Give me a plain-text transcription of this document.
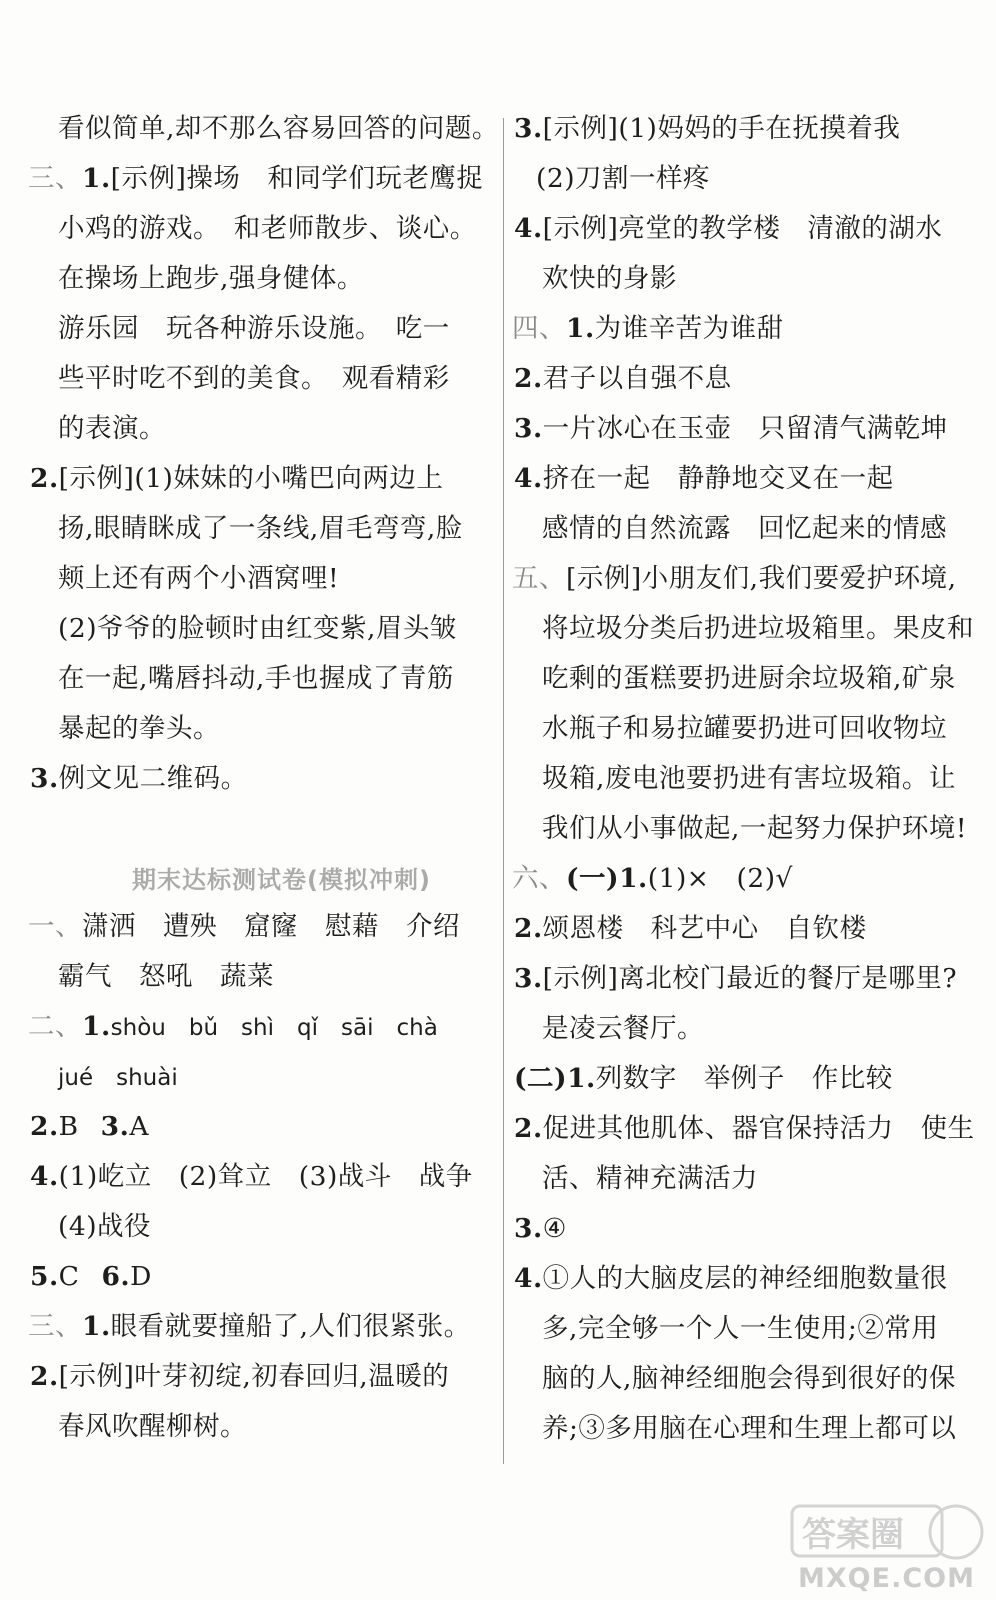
看似简单,却不那么容易回答的问题。
三、1.[示例]操场　和同学们玩老鹰捉
小鸡的游戏。　和老师散步、谈心。
在操场上跑步,强身健体。
游乐园　玩各种游乐设施。　吃一
些平时吃不到的美食。　观看精彩
的表演。
2.[示例](1)妹妹的小嘴巴向两边上
扬,眼睛眯成了一条线,眉毛弯弯,脸
颊上还有两个小酒窝哩!
(2)爷爷的脸顿时由红变紫,眉头皱
在一起,嘴唇抖动,手也握成了青筋
暴起的拳头。
3.例文见二维码。
期末达标测试卷(模拟冲刺)
一、潇洒　遭殃　窟窿　慰藉　介绍
霸气　怒吼　蔬菜
二、1.shòu　bǔ　shì　qǐ　sāi　chà
jué　shuài
2.B 3.A
4.(1)屹立　(2)耸立　(3)战斗　战争
(4)战役
5.C 6.D
三、1.眼看就要撞船了,人们很紧张。
2.[示例]叶芽初绽,初春回归,温暖的
春风吹醒柳树。
3.[示例](1)妈妈的手在抚摸着我
(2)刀割一样疼
4.[示例]亮堂的教学楼　清澈的湖水
欢快的身影
四、1.为谁辛苦为谁甜
2.君子以自强不息
3.一片冰心在玉壶　只留清气满乾坤
4.挤在一起　静静地交叉在一起
感情的自然流露　回忆起来的情感
五、[示例]小朋友们,我们要爱护环境,
将垃圾分类后扔进垃圾箱里。果皮和
吃剩的蛋糕要扔进厨余垃圾箱,矿泉
水瓶子和易拉罐要扔进可回收物垃
圾箱,废电池要扔进有害垃圾箱。让
我们从小事做起,一起努力保护环境!
六、(一)1.(1)×　(2)√
2.颂恩楼　科艺中心　自钦楼
3.[示例]离北校门最近的餐厅是哪里?
是凌云餐厅。
(二)1.列数字　举例子　作比较
2.促进其他肌体、器官保持活力　使生
活、精神充满活力
3.④
4.①人的大脑皮层的神经细胞数量很
多,完全够一个人一生使用;②常用
脑的人,脑神经细胞会得到很好的保
养;③多用脑在心理和生理上都可以
答案圈
MXQE.COM
